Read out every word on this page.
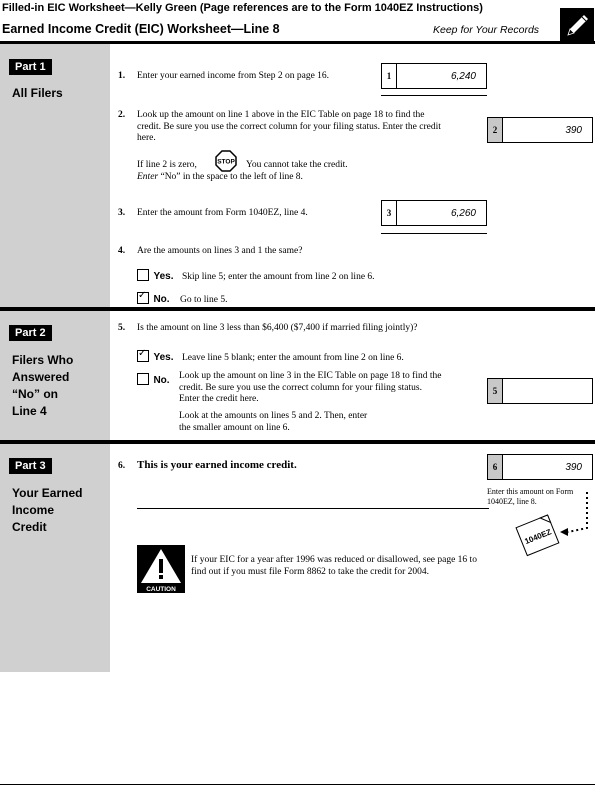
Filled-in EIC Worksheet—Kelly Green (Page references are to the Form 1040EZ Instructions)
Earned Income Credit (EIC) Worksheet—Line 8	Keep for Your Records
Part 1
All Filers
1. Enter your earned income from Step 2 on page 16.	1	6,240
2. Look up the amount on line 1 above in the EIC Table on page 18 to find the credit. Be sure you use the correct column for your filing status. Enter the credit here.
2	390
If line 2 is zero,	STOP You cannot take the credit.
Enter “No” in the space to the left of line 8.
3. Enter the amount from Form 1040EZ, line 4.	3	6,260
4. Are the amounts on lines 3 and 1 the same?
Yes. Skip line 5; enter the amount from line 2 on line 6.
✓ No. Go to line 5.
Part 2
Filers Who
Answered
“No” on
Line 4
5. Is the amount on line 3 less than $6,400 ($7,400 if married filing jointly)?
✓ Yes. Leave line 5 blank; enter the amount from line 2 on line 6.
No. Look up the amount on line 3 in the EIC Table on page 18 to find the credit. Be sure you use the correct column for your filing status. Enter the credit here.
Look at the amounts on lines 5 and 2. Then, enter the smaller amount on line 6.
5
Part 3
Your Earned
Income
Credit
6. This is your earned income credit.	6	390
Enter this amount on Form 1040EZ, line 8.
1040EZ
CAUTION
If your EIC for a year after 1996 was reduced or disallowed, see page 16 to find out if you must file Form 8862 to take the credit for 2004.
